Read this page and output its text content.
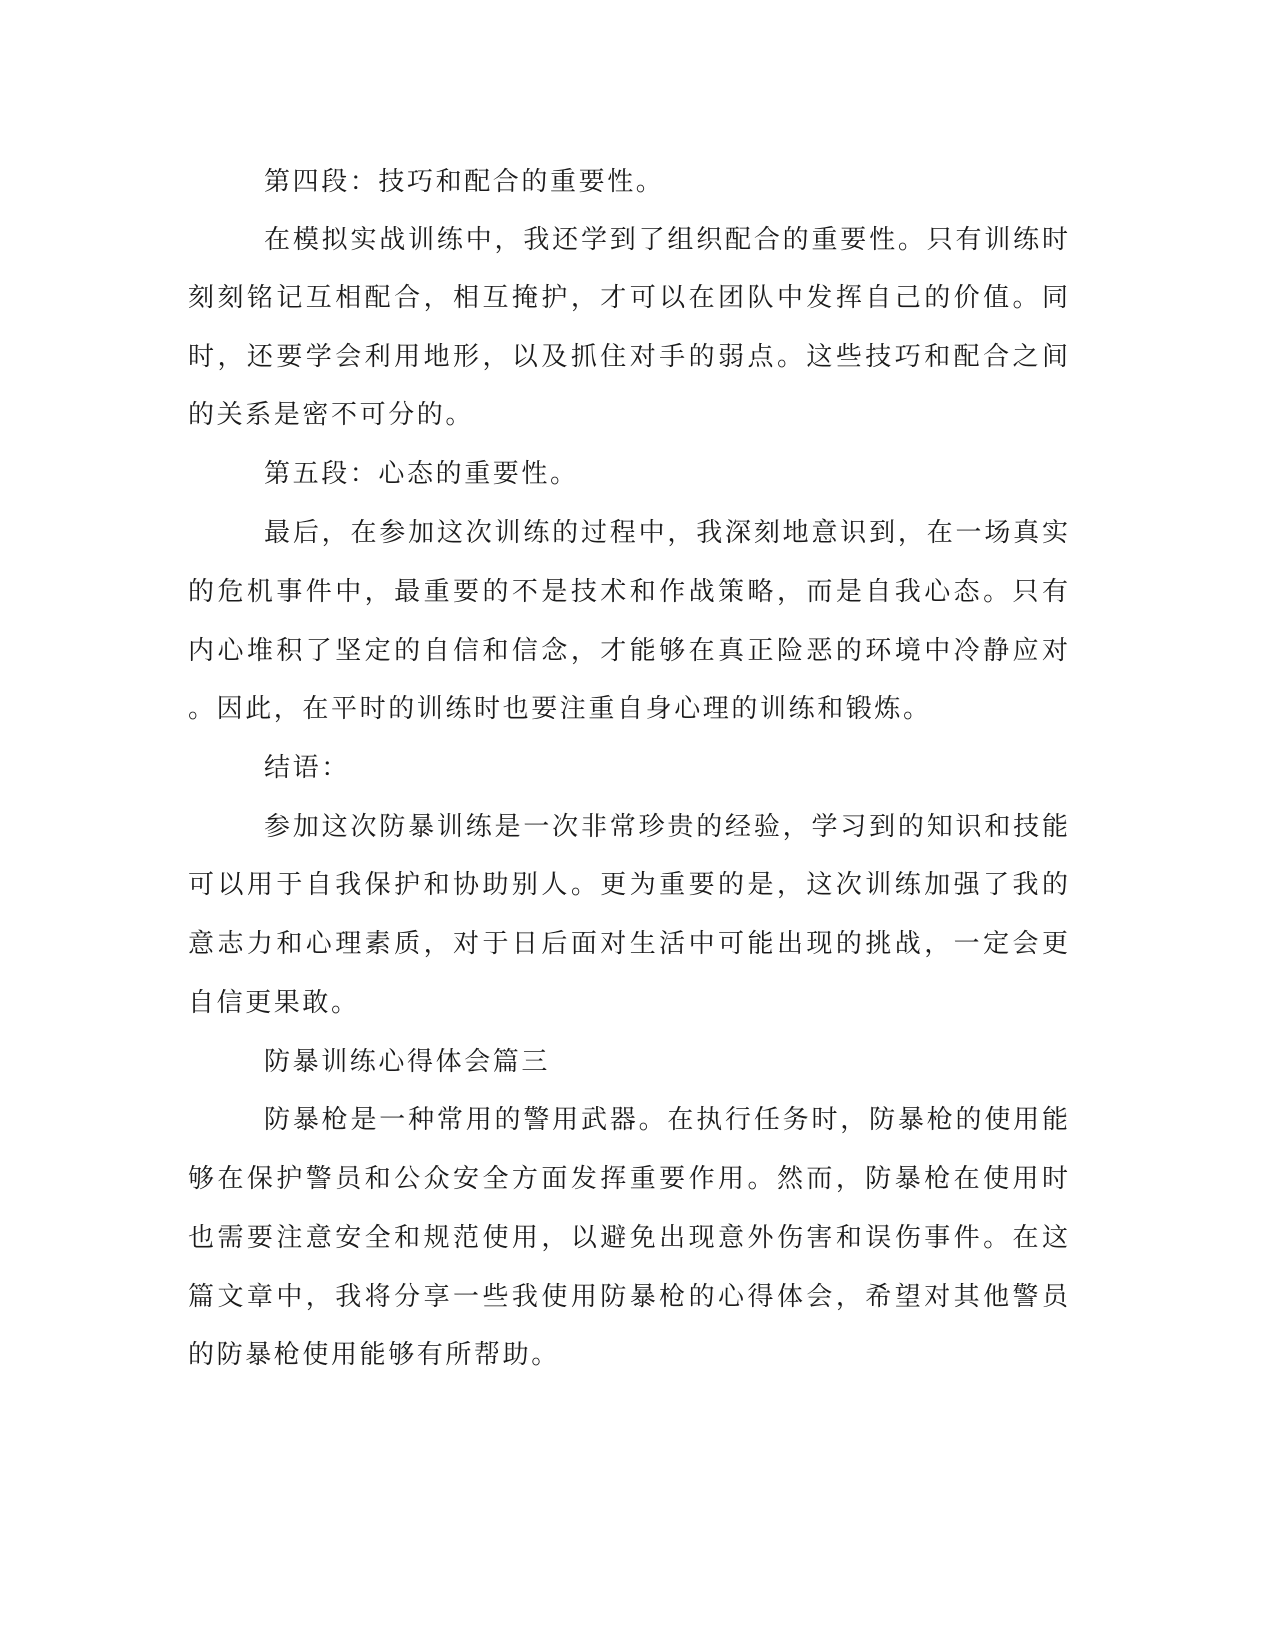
第四段：技巧和配合的重要性。

在模拟实战训练中，我还学到了组织配合的重要性。只有训练时

刻刻铭记互相配合，相互掩护，才可以在团队中发挥自己的价值。同

时，还要学会利用地形，以及抓住对手的弱点。这些技巧和配合之间

的关系是密不可分的。

第五段：心态的重要性。

最后，在参加这次训练的过程中，我深刻地意识到，在一场真实

的危机事件中，最重要的不是技术和作战策略，而是自我心态。只有

内心堆积了坚定的自信和信念，才能够在真正险恶的环境中冷静应对

。因此，在平时的训练时也要注重自身心理的训练和锻炼。

结语：

参加这次防暴训练是一次非常珍贵的经验，学习到的知识和技能

可以用于自我保护和协助别人。更为重要的是，这次训练加强了我的

意志力和心理素质，对于日后面对生活中可能出现的挑战，一定会更

自信更果敢。

防暴训练心得体会篇三

防暴枪是一种常用的警用武器。在执行任务时，防暴枪的使用能

够在保护警员和公众安全方面发挥重要作用。然而，防暴枪在使用时

也需要注意安全和规范使用，以避免出现意外伤害和误伤事件。在这

篇文章中，我将分享一些我使用防暴枪的心得体会，希望对其他警员

的防暴枪使用能够有所帮助。
